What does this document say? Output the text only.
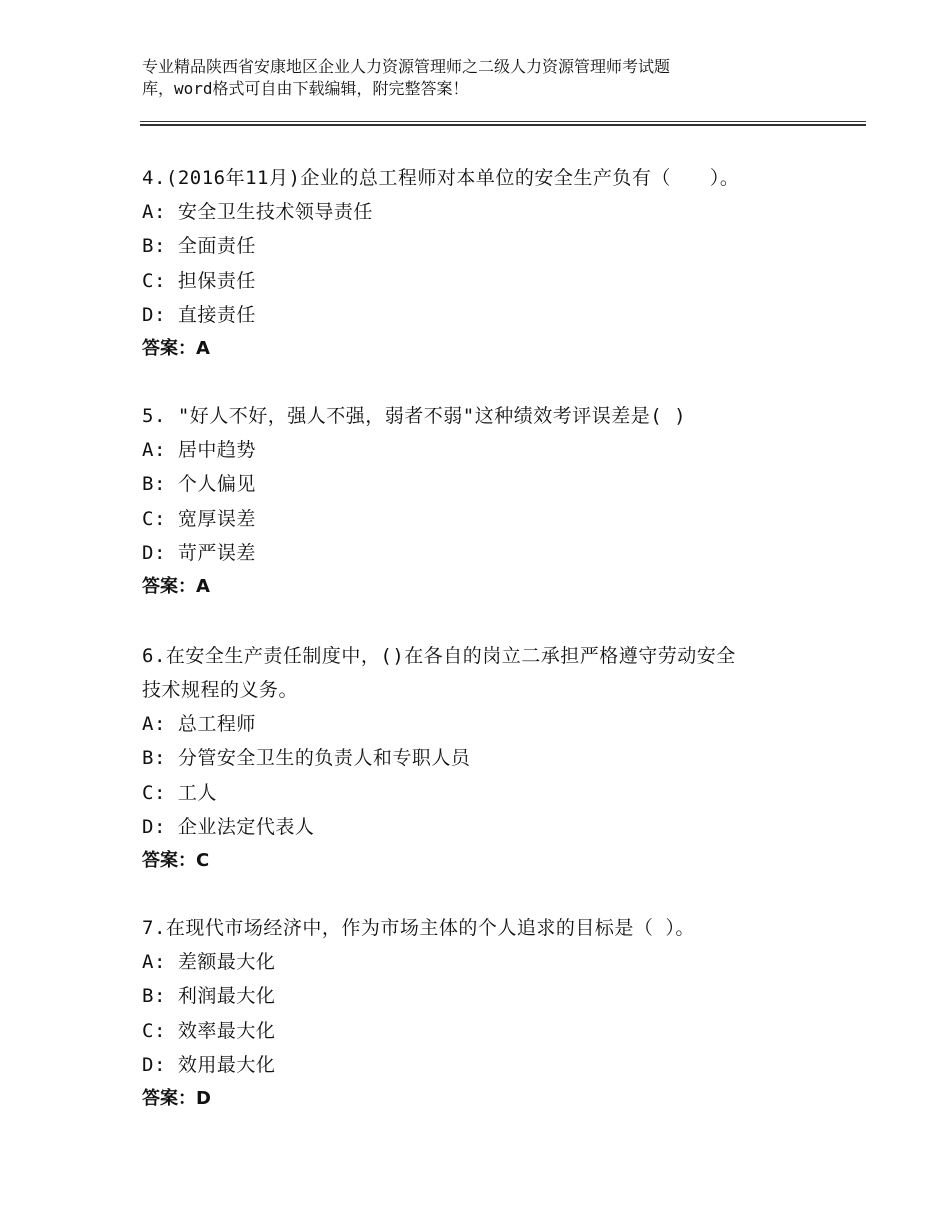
专业精品陕西省安康地区企业人力资源管理师之二级人力资源管理师考试题

库，word格式可自由下载编辑，附完整答案！

4.(2016年11月)企业的总工程师对本单位的安全生产负有（　　）。

A: 安全卫生技术领导责任

B: 全面责任

C: 担保责任

D: 直接责任

答案：A

5. "好人不好，强人不强，弱者不弱"这种绩效考评误差是( )

A: 居中趋势

B: 个人偏见

C: 宽厚误差

D: 苛严误差

答案：A

6.在安全生产责任制度中，()在各自的岗立二承担严格遵守劳动安全

技术规程的义务。

A: 总工程师

B: 分管安全卫生的负责人和专职人员

C: 工人

D: 企业法定代表人

答案：C

7.在现代市场经济中，作为市场主体的个人追求的目标是（ ）。

A: 差额最大化

B: 利润最大化

C: 效率最大化

D: 效用最大化

答案：D
